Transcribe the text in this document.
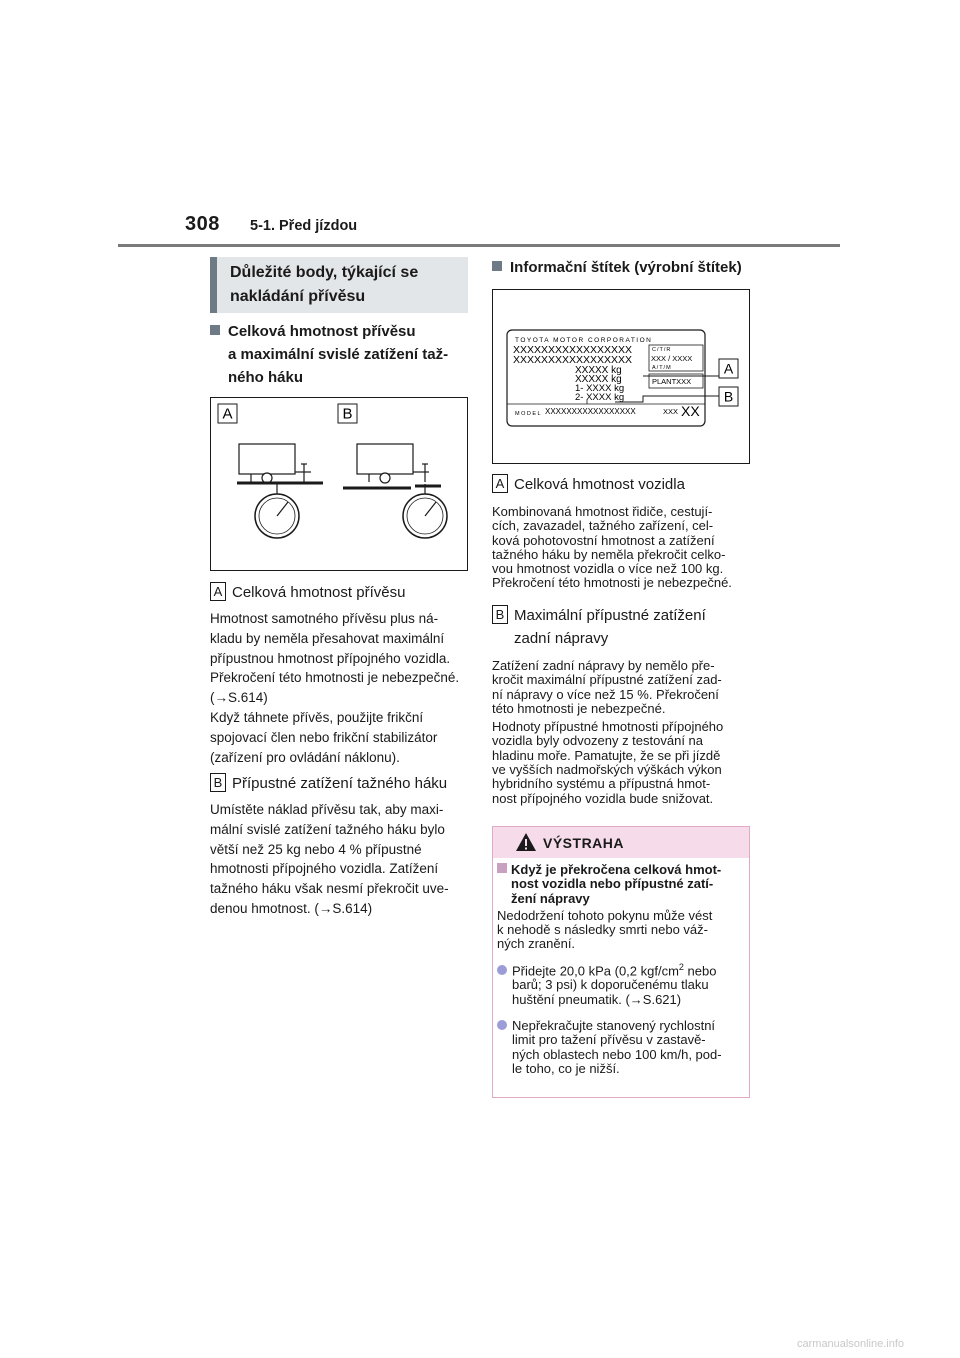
308 5-1. Před jízdou
Důležité body, týkající se
nakládání přívěsu
Celková hmotnost přívěsu
a maximální svislé zatížení taž-
ného háku
A	B
A Celková hmotnost přívěsu
Hmotnost samotného přívěsu plus ná-
kladu by neměla přesahovat maximální
přípustnou hmotnost přípojného vozidla.
Překročení této hmotnosti je nebezpečné.
(→S.614)
Když táhnete přívěs, použijte frikční
spojovací člen nebo frikční stabilizátor
(zařízení pro ovládání náklonu).
B Přípustné zatížení tažného háku
Umístěte náklad přívěsu tak, aby maxi-
mální svislé zatížení tažného háku bylo
větší než 25 kg nebo 4 % přípustné
hmotnosti přípojného vozidla. Zatížení
tažného háku však nesmí překročit uve-
denou hmotnost. (→S.614)
Informační štítek (výrobní štítek)
TOYOTA MOTOR CORPORATION
XXXXXXXXXXXXXXXXX
XXXXXXXXXXXXXXXXX
XXXXX kg
XXXXX kg
1- XXXX kg
2- XXXX kg
C/T/R
XXX / XXXX
A/T/M
PLANTXXX
MODEL XXXXXXXXXXXXXXXXX	XXX XX
A
B
A Celková hmotnost vozidla
Kombinovaná hmotnost řidiče, cestují-
cích, zavazadel, tažného zařízení, cel-
ková pohotovostní hmotnost a zatížení
tažného háku by neměla překročit celko-
vou hmotnost vozidla o více než 100 kg.
Překročení této hmotnosti je nebezpečné.
B Maximální přípustné zatížení
zadní nápravy
Zatížení zadní nápravy by nemělo pře-
kročit maximální přípustné zatížení zad-
ní nápravy o více než 15 %. Překročení
této hmotnosti je nebezpečné.
Hodnoty přípustné hmotnosti přípojného
vozidla byly odvozeny z testování na
hladinu moře. Pamatujte, že se při jízdě
ve vyšších nadmořských výškách výkon
hybridního systému a přípustná hmot-
nost přípojného vozidla bude snižovat.
VÝSTRAHA
Když je překročena celková hmot-
nost vozidla nebo přípustné zatí-
žení nápravy
Nedodržení tohoto pokynu může vést
k nehodě s následky smrti nebo váž-
ných zranění.
Přidejte 20,0 kPa (0,2 kgf/$cm^2$ nebo
barů; 3 psi) k doporučenému tlaku
huštění pneumatik. (→S.621)
Nepřekračujte stanovený rychlostní
limit pro tažení přívěsu v zastavě-
ných oblastech nebo 100 km/h, pod-
le toho, co je nižší.
carmanualsonline.info
